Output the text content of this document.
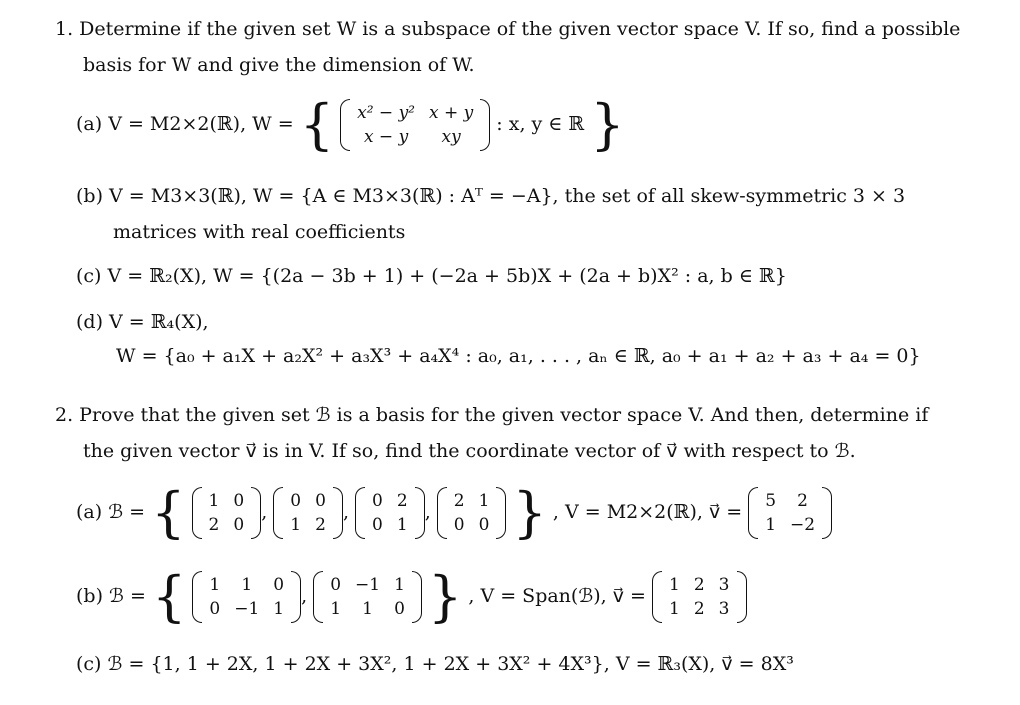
1. Determine if the given set W is a subspace of the given vector space V. If so, find a possible
basis for W and give the dimension of W.
(a) V = M2×2(ℝ), W = { x² − y²	x + y
x − y	xy
: x, y ∈ ℝ }
(b) V = M3×3(ℝ), W = {A ∈ M3×3(ℝ) : Aᵀ = −A}, the set of all skew-symmetric 3 × 3
matrices with real coefficients
(c) V = ℝ₂(X), W = {(2a − 3b + 1) + (−2a + 5b)X + (2a + b)X² : a, b ∈ ℝ}
(d) V = ℝ₄(X),
W = {a₀ + a₁X + a₂X² + a₃X³ + a₄X⁴ : a₀, a₁, . . . , aₙ ∈ ℝ, a₀ + a₁ + a₂ + a₃ + a₄ = 0}
2. Prove that the given set ℬ is a basis for the given vector space V. And then, determine if
the given vector v⃗ is in V. If so, find the coordinate vector of v⃗ with respect to ℬ.
(a) ℬ = { 1	0
2	0
, 0	0
1	2
, 0	2
0	1
, 2	1
0	0 } , V = M2×2(ℝ), v⃗ = 5	2
1	−2
(b) ℬ = { 1	1	0
0	−1	1
, 0	−1	1
1	1	0 } , V = Span(ℬ), v⃗ = 1	2	3
1	2	3
(c) ℬ = {1, 1 + 2X, 1 + 2X + 3X², 1 + 2X + 3X² + 4X³}, V = ℝ₃(X), v⃗ = 8X³
